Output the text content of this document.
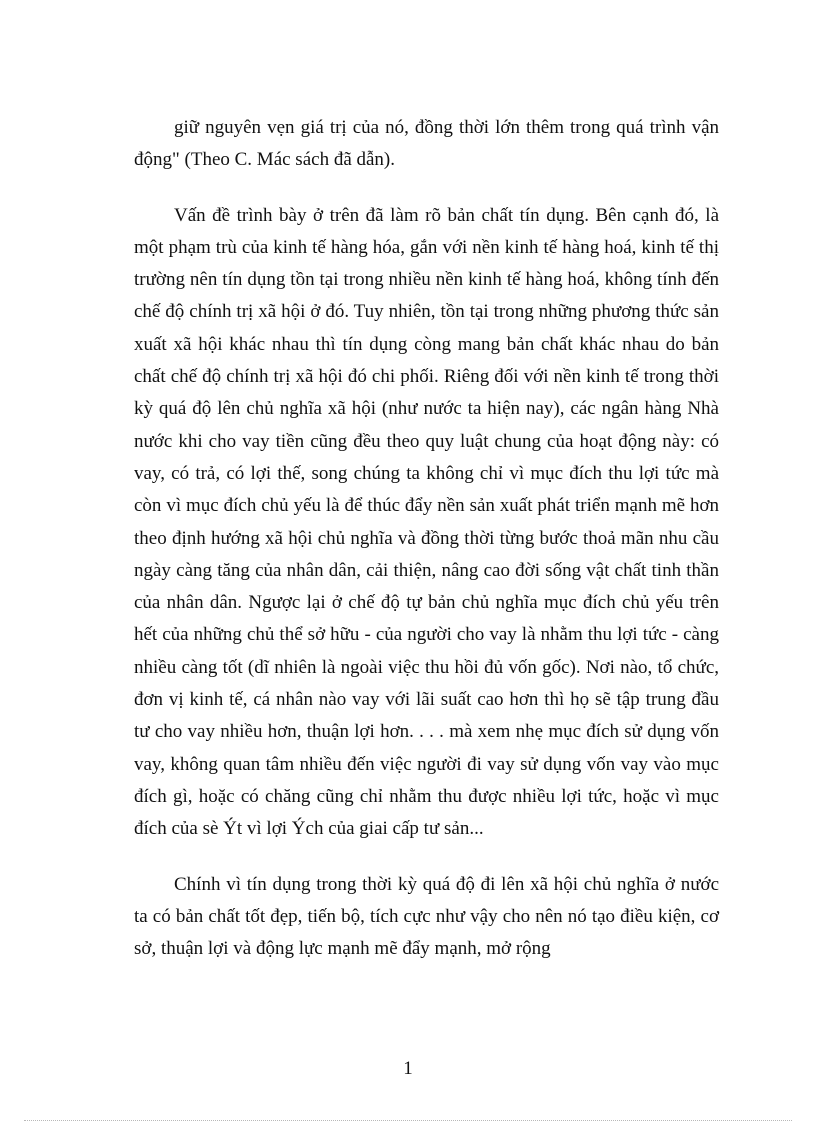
giữ nguyên vẹn giá trị của nó, đồng thời lớn thêm trong quá trình vận động" (Theo C. Mác sách đã dẫn).

Vấn đề trình bày ở trên đã làm rõ bản chất tín dụng. Bên cạnh đó, là một phạm trù của kinh tế hàng hóa, gắn với nền kinh tế hàng hoá, kinh tế thị trường nên tín dụng tồn tại trong nhiều nền kinh tế hàng hoá, không tính đến chế độ chính trị xã hội ở đó. Tuy nhiên, tồn tại trong những phương thức sản xuất xã hội khác nhau thì tín dụng còng mang bản chất khác nhau do bản chất chế độ chính trị xã hội đó chi phối. Riêng đối với nền kinh tế trong thời kỳ quá độ lên chủ nghĩa xã hội (như nước ta hiện nay), các ngân hàng Nhà nước khi cho vay tiền cũng đều theo quy luật chung của hoạt động này: có vay, có trả, có lợi thế, song chúng ta không chỉ vì mục đích thu lợi tức mà còn vì mục đích chủ yếu là để thúc đẩy nền sản xuất phát triển mạnh mẽ hơn theo định hướng xã hội chủ nghĩa và đồng thời từng bước thoả mãn nhu cầu ngày càng tăng của nhân dân, cải thiện, nâng cao đời sống vật chất tinh thần của nhân dân. Ngược lại ở chế độ tự bản chủ nghĩa mục đích chủ yếu trên hết của những chủ thể sở hữu - của người cho vay là nhằm thu lợi tức - càng nhiều càng tốt (dĩ nhiên là ngoài việc thu hồi đủ vốn gốc). Nơi nào, tổ chức, đơn vị kinh tế, cá nhân nào vay với lãi suất cao hơn thì họ sẽ tập trung đầu tư cho vay nhiều hơn, thuận lợi hơn. . . . mà xem nhẹ mục đích sử dụng vốn vay, không quan tâm nhiều đến việc người đi vay sử dụng vốn vay vào mục đích gì, hoặc có chăng cũng chỉ nhằm thu được nhiều lợi tức, hoặc vì mục đích của sè Ýt vì lợi Ých của giai cấp tư sản...

Chính vì tín dụng trong thời kỳ quá độ đi lên xã hội chủ nghĩa ở nước ta có bản chất tốt đẹp, tiến bộ, tích cực như vậy cho nên nó tạo điều kiện, cơ sở, thuận lợi và động lực mạnh mẽ đẩy mạnh, mở rộng

1
